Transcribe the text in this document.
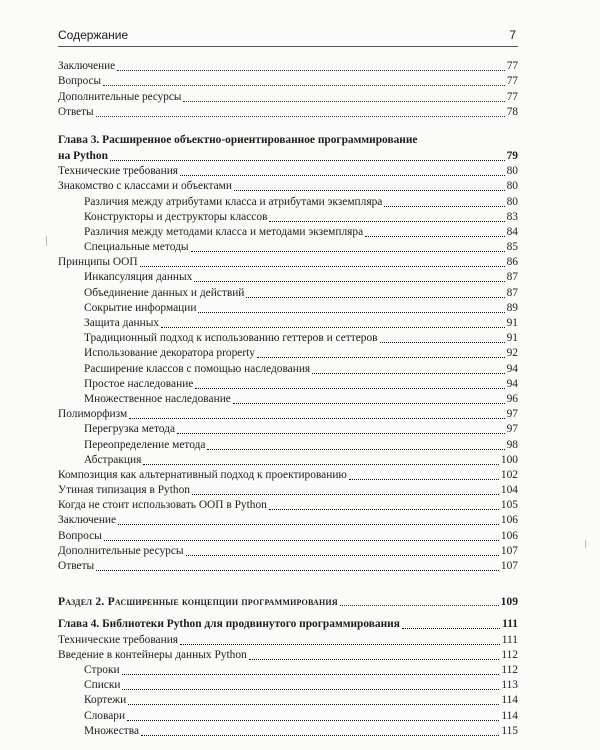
Содержание	7
Заключение	77
Вопросы	77
Дополнительные ресурсы	77
Ответы	78
Глава 3. Расширенное объектно-ориентированное программирование
на Python	79
Технические требования	80
Знакомство с классами и объектами	80
Различия между атрибутами класса и атрибутами экземпляра	80
Конструкторы и деструкторы классов	83
Различия между методами класса и методами экземпляра	84
Специальные методы	85
Принципы ООП	86
Инкапсуляция данных	87
Объединение данных и действий	87
Сокрытие информации	89
Защита данных	91
Традиционный подход к использованию геттеров и сеттеров	91
Использование декоратора property	92
Расширение классов с помощью наследования	94
Простое наследование	94
Множественное наследование	96
Полиморфизм	97
Перегрузка метода	97
Переопределение метода	98
Абстракция	100
Композиция как альтернативный подход к проектированию	102
Утиная типизация в Python	104
Когда не стоит использовать ООП в Python	105
Заключение	106
Вопросы	106
Дополнительные ресурсы	107
Ответы	107
Раздел 2. Расширенные концепции программирования	109
Глава 4. Библиотеки Python для продвинутого программирования	111
Технические требования	111
Введение в контейнеры данных Python	112
Строки	112
Списки	113
Кортежи	114
Словари	114
Множества	115
